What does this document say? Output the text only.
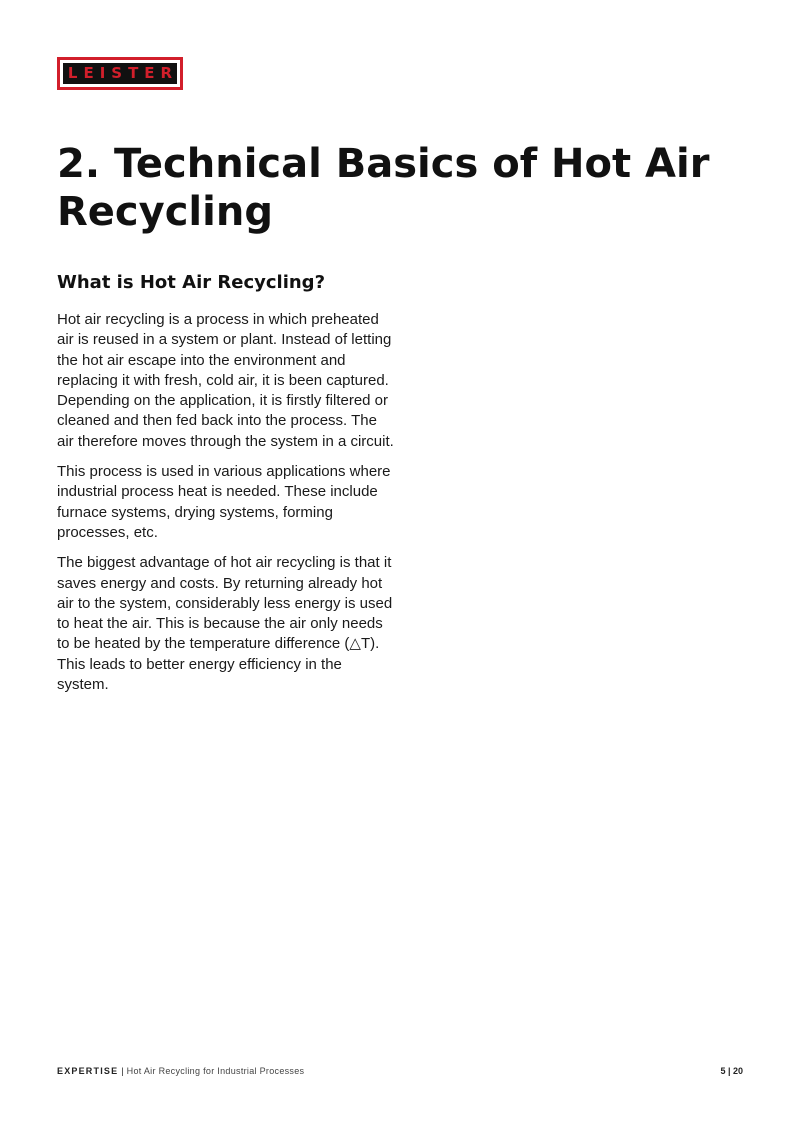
LEISTER
2. Technical Basics of Hot Air Recycling
What is Hot Air Recycling?

Hot air recycling is a process in which preheated air is reused in a system or plant. Instead of letting the hot air escape into the environment and replacing it with fresh, cold air, it is been captured. Depending on the application, it is firstly filtered or cleaned and then fed back into the process. The air therefore moves through the system in a circuit.

This process is used in various applications where industrial process heat is needed. These include furnace systems, drying systems, forming processes, etc.

The biggest advantage of hot air recycling is that it saves energy and costs. By returning already hot air to the system, considerably less energy is used to heat the air. This is because the air only needs to be heated by the temperature difference (△T). This leads to better energy efficiency in the system.

EXPERTISE | Hot Air Recycling for Industrial Processes	5 | 20
